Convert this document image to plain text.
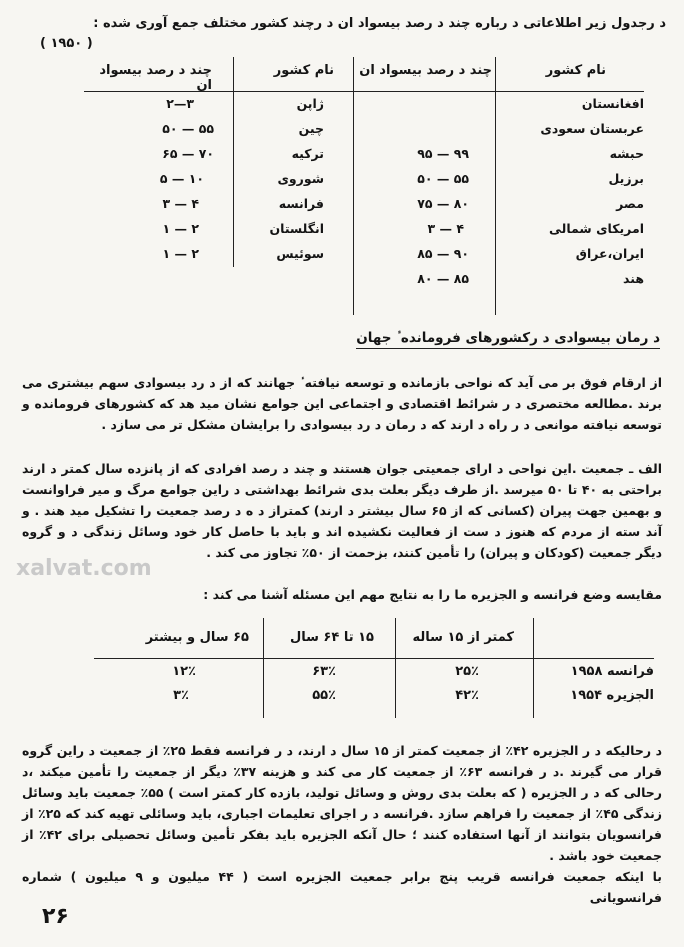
د رجدول زیر اطلاعاتی د رباره چند د رصد بیسواد ان د رچند کشور مختلف جمع آوری شده :
( ۱۹۵۰ )
نام کشور
چند د رصد بیسواد ان
نام کشور
چند د رصد بیسواد ان
افغانستان
ژاپن
۳—۲
عربستان سعودی
چین
۵۵ — ۵۰
حبشه
۹۹ — ۹۵
ترکیه
۷۰ — ۶۵
برزیل
۵۵ — ۵۰
شوروی
۱۰ — ۵
مصر
۸۰ — ۷۵
فرانسه
۴ — ۳
امریکای شمالی
۴ — ۳
انگلستان
۲ — ۱
ایران،عراق
۹۰ — ۸۵
سوئیس
۲ — ۱
هند
۸۵ — ۸۰
د رمان بیسوادی د رکشورهای فرومانده ٔ جهان
از ارقام فوق بر می آید که نواحی بازمانده و توسعه نیافته ٔ جهانند که از د رد بیسوادی سهم بیشتری می برند .مطالعه مختصری د ر شرائط اقتصادی و اجتماعی این جوامع نشان مید هد که کشورهای فرومانده و توسعه نیافته موانعی د ر راه د ارند که د رمان د رد بیسوادی را برایشان مشکل تر می سازد .
الف ـ جمعیت .این نواحی د ارای جمعیتی جوان هستند و چند د رصد افرادی که از پانزده سال کمتر د ارند براحتی به ۴۰ تا ۵۰ میرسد .از طرف دیگر بعلت بدی شرائط بهداشتی د راین جوامع مرگ و میر فراوانست و بهمین جهت پیران (کسانی که از ۶۵ سال بیشتر د ارند) کمتراز د ه د رصد جمعیت را تشکیل مید هند . و آند سته از مردم که هنوز د ست از فعالیت نکشیده اند و باید با حاصل کار خود وسائل زندگی د و گروه دیگر جمعیت (کودکان و پیران) را تأمین کنند، بزحمت از ۵۰٪ تجاوز می کند .
مقایسه وضع فرانسه و الجزیره ما را به نتایج مهم این مسئله آشنا می کند :
xalvat.com
کمتر از ۱۵ ساله
۱۵ تا ۶۴ سال
۶۵ سال و بیشتر
فرانسه ۱۹۵۸
۲۵٪
۶۳٪
۱۲٪
الجزیره ۱۹۵۴
۴۲٪
۵۵٪
۳٪
د رحالیکه د ر الجزیره ۴۲٪ از جمعیت کمتر از ۱۵ سال د ارند، د ر فرانسه فقط ۲۵٪ از جمعیت د راین گروه قرار می گیرند .د ر فرانسه ۶۳٪ از جمعیت کار می کند و هزینه ۳۷٪ دیگر از جمعیت را تأمین میکند ،د رحالی که د ر الجزیره ( که بعلت بدی روش و وسائل تولید، بازده کار کمتر است ) ۵۵٪ جمعیت باید وسائل زندگی ۴۵٪ از جمعیت را فراهم سازد .فرانسه د ر اجرای تعلیمات اجباری، باید وسائلی تهیه کند که ۲۵٪ از فرانسویان بتوانند از آنها استفاده کنند ؛ حال آنکه الجزیره باید بفکر تأمین وسائل تحصیلی برای ۴۲٪ از جمعیت خود باشد .
با اینکه جمعیت فرانسه قریب پنج برابر جمعیت الجزیره است ( ۴۴ میلیون و ۹ میلیون ) شماره فرانسویانی
۲۶
